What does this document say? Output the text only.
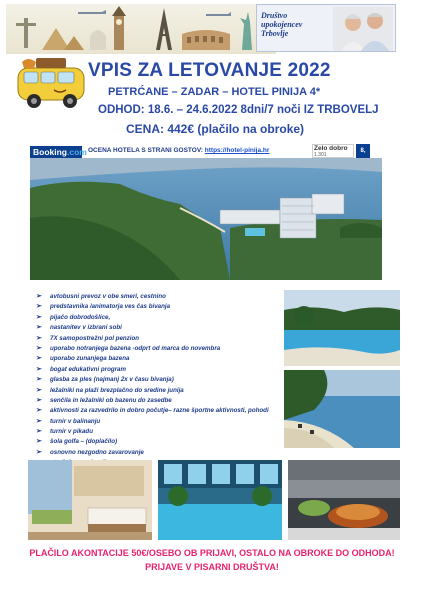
Društvo upokojencev Trbovlje
VPIS ZA LETOVANJE 2022
PETRĆANE – ZADAR – HOTEL PINIJA 4*
ODHOD: 18.6. – 24.6.2022 8dni/7 noči IZ TRBOVELJ
CENA: 442€ (plačilo na obroke)
Booking.com OCENA HOTELA S STRANI GOSTOV: https://hotel-pinija.hr	Zelo dobro
1.301
8,
➢ avtobusni prevoz v obe smeri, cestnino
➢ predstavnika /animatorja ves čas bivanja
➢ pijačo dobrodošlice,
➢ nastanitev v izbrani sobi
➢ 7X samopostrežni pol penzion
➢ uporabo notranjega bazena -odprt od marca do novembra
➢ uporabo zunanjega bazena
➢ bogat edukativni program
➢ glasba za ples (najmanj 2x v času bivanja)
➢ ležalniki na plaži brezplačno do sredine junija
➢ senčila in ležalniki ob bazenu do zasedbe
➢ aktivnosti za razvedrilo in dobro počutje– razne športne aktivnosti, pohodi
➢ turnir v balinanju
➢ turnir v pikadu
➢ šola golfa – (doplačilo)
➢ osnovno nezgodno zavarovanje
PLAČILO AKONTACIJE 50€/OSEBO OB PRIJAVI, OSTALO NA OBROKE DO ODHODA!
PRIJAVE V PISARNI DRUŠTVA!
